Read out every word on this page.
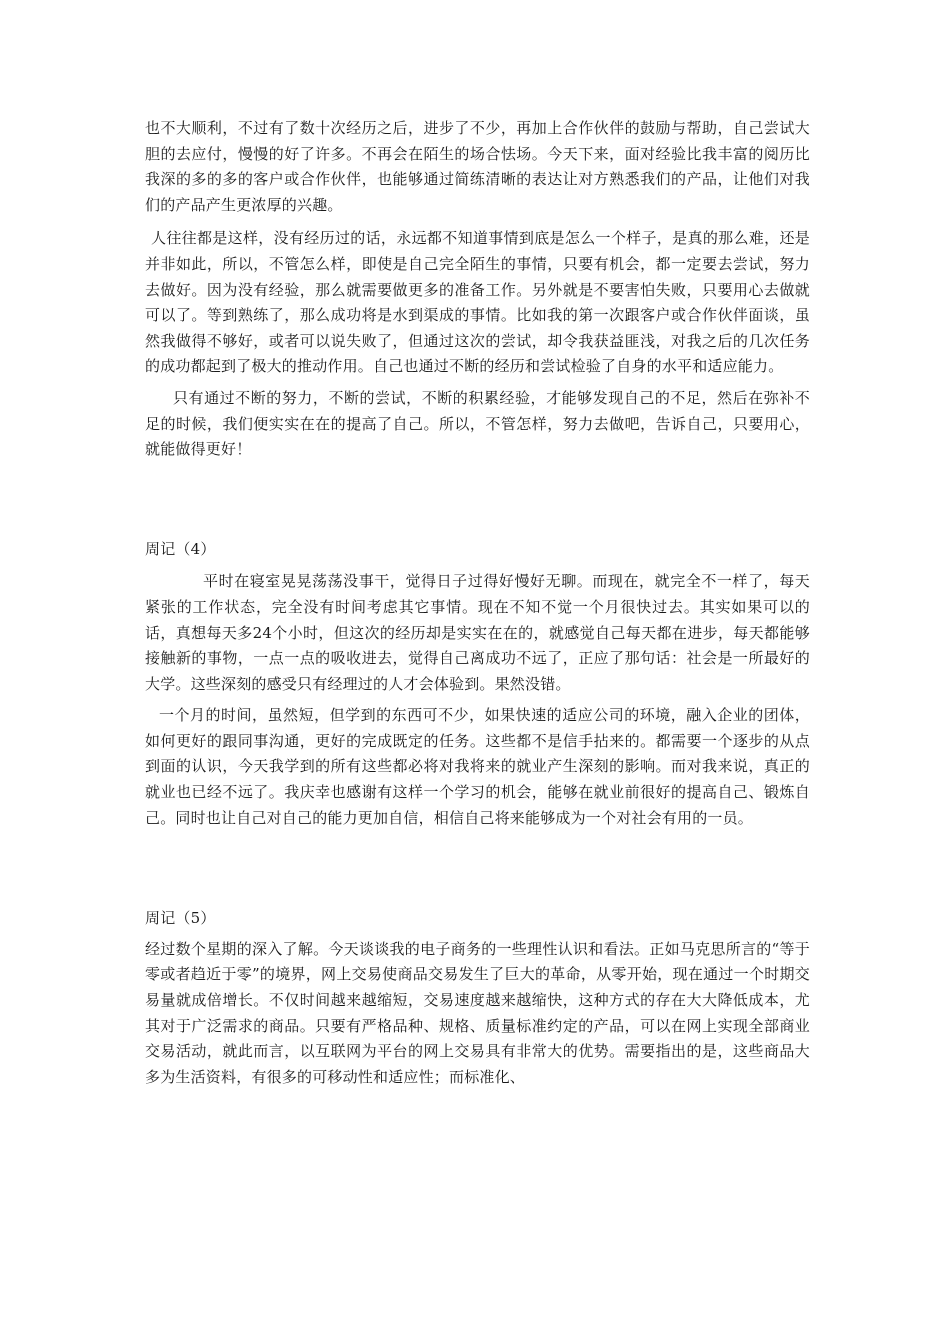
也不大顺利，不过有了数十次经历之后，进步了不少，再加上合作伙伴的鼓励与帮助，自己尝试大胆的去应付，慢慢的好了许多。不再会在陌生的场合怯场。今天下来，面对经验比我丰富的阅历比我深的多的多的客户或合作伙伴，也能够通过简练清晰的表达让对方熟悉我们的产品，让他们对我们的产品产生更浓厚的兴趣。

人往往都是这样，没有经历过的话，永远都不知道事情到底是怎么一个样子，是真的那么难，还是并非如此，所以，不管怎么样，即使是自己完全陌生的事情，只要有机会，都一定要去尝试，努力去做好。因为没有经验，那么就需要做更多的准备工作。另外就是不要害怕失败，只要用心去做就可以了。等到熟练了，那么成功将是水到渠成的事情。比如我的第一次跟客户或合作伙伴面谈，虽然我做得不够好，或者可以说失败了，但通过这次的尝试，却令我获益匪浅，对我之后的几次任务的成功都起到了极大的推动作用。自己也通过不断的经历和尝试检验了自身的水平和适应能力。

只有通过不断的努力，不断的尝试，不断的积累经验，才能够发现自己的不足，然后在弥补不足的时候，我们便实实在在的提高了自己。所以，不管怎样，努力去做吧，告诉自己，只要用心，就能做得更好！

周记（4）

平时在寝室晃晃荡荡没事干，觉得日子过得好慢好无聊。而现在，就完全不一样了，每天紧张的工作状态，完全没有时间考虑其它事情。现在不知不觉一个月很快过去。其实如果可以的话，真想每天多24个小时，但这次的经历却是实实在在的，就感觉自己每天都在进步，每天都能够接触新的事物，一点一点的吸收进去，觉得自己离成功不远了，正应了那句话：社会是一所最好的大学。这些深刻的感受只有经理过的人才会体验到。果然没错。

一个月的时间，虽然短，但学到的东西可不少，如果快速的适应公司的环境，融入企业的团体，如何更好的跟同事沟通，更好的完成既定的任务。这些都不是信手拈来的。都需要一个逐步的从点到面的认识，今天我学到的所有这些都必将对我将来的就业产生深刻的影响。而对我来说，真正的就业也已经不远了。我庆幸也感谢有这样一个学习的机会，能够在就业前很好的提高自己、锻炼自己。同时也让自己对自己的能力更加自信，相信自己将来能够成为一个对社会有用的一员。

周记（5）

经过数个星期的深入了解。今天谈谈我的电子商务的一些理性认识和看法。正如马克思所言的“等于零或者趋近于零”的境界，网上交易使商品交易发生了巨大的革命，从零开始，现在通过一个时期交易量就成倍增长。不仅时间越来越缩短，交易速度越来越缩快，这种方式的存在大大降低成本，尤其对于广泛需求的商品。只要有严格品种、规格、质量标准约定的产品，可以在网上实现全部商业交易活动，就此而言，以互联网为平台的网上交易具有非常大的优势。需要指出的是，这些商品大多为生活资料，有很多的可移动性和适应性；而标准化、
